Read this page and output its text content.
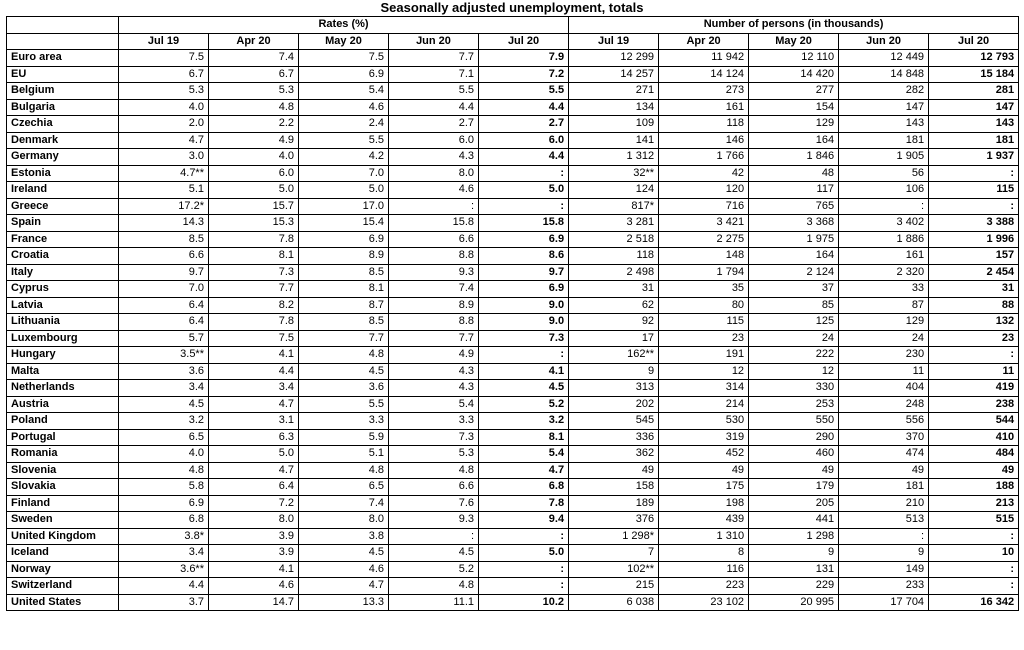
Seasonally adjusted unemployment, totals
	Rates (%)					Number of persons (in thousands)				
	Jul 19	Apr 20	May 20	Jun 20	Jul 20	Jul 19	Apr 20	May 20	Jun 20	Jul 20
Euro area	7.5	7.4	7.5	7.7	7.9	12 299	11 942	12 110	12 449	12 793
EU	6.7	6.7	6.9	7.1	7.2	14 257	14 124	14 420	14 848	15 184
Belgium	5.3	5.3	5.4	5.5	5.5	271	273	277	282	281
Bulgaria	4.0	4.8	4.6	4.4	4.4	134	161	154	147	147
Czechia	2.0	2.2	2.4	2.7	2.7	109	118	129	143	143
Denmark	4.7	4.9	5.5	6.0	6.0	141	146	164	181	181
Germany	3.0	4.0	4.2	4.3	4.4	1 312	1 766	1 846	1 905	1 937
Estonia	4.7**	6.0	7.0	8.0	:	32**	42	48	56	:
Ireland	5.1	5.0	5.0	4.6	5.0	124	120	117	106	115
Greece	17.2*	15.7	17.0	:	:	817*	716	765	:	:
Spain	14.3	15.3	15.4	15.8	15.8	3 281	3 421	3 368	3 402	3 388
France	8.5	7.8	6.9	6.6	6.9	2 518	2 275	1 975	1 886	1 996
Croatia	6.6	8.1	8.9	8.8	8.6	118	148	164	161	157
Italy	9.7	7.3	8.5	9.3	9.7	2 498	1 794	2 124	2 320	2 454
Cyprus	7.0	7.7	8.1	7.4	6.9	31	35	37	33	31
Latvia	6.4	8.2	8.7	8.9	9.0	62	80	85	87	88
Lithuania	6.4	7.8	8.5	8.8	9.0	92	115	125	129	132
Luxembourg	5.7	7.5	7.7	7.7	7.3	17	23	24	24	23
Hungary	3.5**	4.1	4.8	4.9	:	162**	191	222	230	:
Malta	3.6	4.4	4.5	4.3	4.1	9	12	12	11	11
Netherlands	3.4	3.4	3.6	4.3	4.5	313	314	330	404	419
Austria	4.5	4.7	5.5	5.4	5.2	202	214	253	248	238
Poland	3.2	3.1	3.3	3.3	3.2	545	530	550	556	544
Portugal	6.5	6.3	5.9	7.3	8.1	336	319	290	370	410
Romania	4.0	5.0	5.1	5.3	5.4	362	452	460	474	484
Slovenia	4.8	4.7	4.8	4.8	4.7	49	49	49	49	49
Slovakia	5.8	6.4	6.5	6.6	6.8	158	175	179	181	188
Finland	6.9	7.2	7.4	7.6	7.8	189	198	205	210	213
Sweden	6.8	8.0	8.0	9.3	9.4	376	439	441	513	515
United Kingdom	3.8*	3.9	3.8	:	:	1 298*	1 310	1 298	:	:
Iceland	3.4	3.9	4.5	4.5	5.0	7	8	9	9	10
Norway	3.6**	4.1	4.6	5.2	:	102**	116	131	149	:
Switzerland	4.4	4.6	4.7	4.8	:	215	223	229	233	:
United States	3.7	14.7	13.3	11.1	10.2	6 038	23 102	20 995	17 704	16 342
